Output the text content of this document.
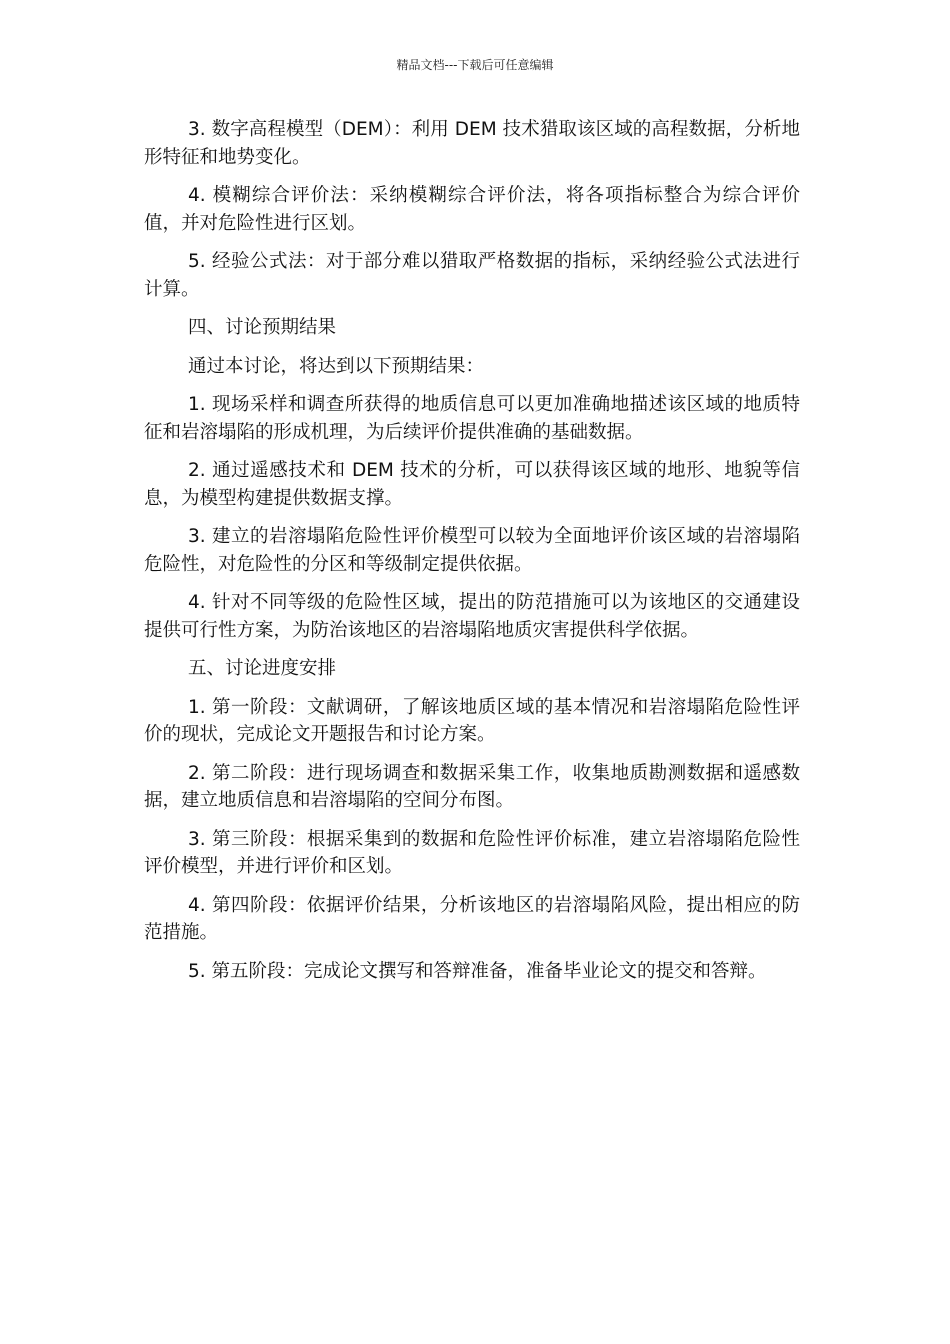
精品文档---下载后可任意编辑

3. 数字高程模型（DEM）：利用 DEM 技术猎取该区域的高程数据，分析地形特征和地势变化。

4. 模糊综合评价法：采纳模糊综合评价法，将各项指标整合为综合评价值，并对危险性进行区划。

5. 经验公式法：对于部分难以猎取严格数据的指标，采纳经验公式法进行计算。

四、讨论预期结果

通过本讨论，将达到以下预期结果：

1. 现场采样和调查所获得的地质信息可以更加准确地描述该区域的地质特征和岩溶塌陷的形成机理，为后续评价提供准确的基础数据。

2. 通过遥感技术和 DEM 技术的分析，可以获得该区域的地形、地貌等信息，为模型构建提供数据支撑。

3. 建立的岩溶塌陷危险性评价模型可以较为全面地评价该区域的岩溶塌陷危险性，对危险性的分区和等级制定提供依据。

4. 针对不同等级的危险性区域，提出的防范措施可以为该地区的交通建设提供可行性方案，为防治该地区的岩溶塌陷地质灾害提供科学依据。

五、讨论进度安排

1. 第一阶段：文献调研，了解该地质区域的基本情况和岩溶塌陷危险性评价的现状，完成论文开题报告和讨论方案。

2. 第二阶段：进行现场调查和数据采集工作，收集地质勘测数据和遥感数据，建立地质信息和岩溶塌陷的空间分布图。

3. 第三阶段：根据采集到的数据和危险性评价标准，建立岩溶塌陷危险性评价模型，并进行评价和区划。

4. 第四阶段：依据评价结果，分析该地区的岩溶塌陷风险，提出相应的防范措施。

5. 第五阶段：完成论文撰写和答辩准备，准备毕业论文的提交和答辩。
